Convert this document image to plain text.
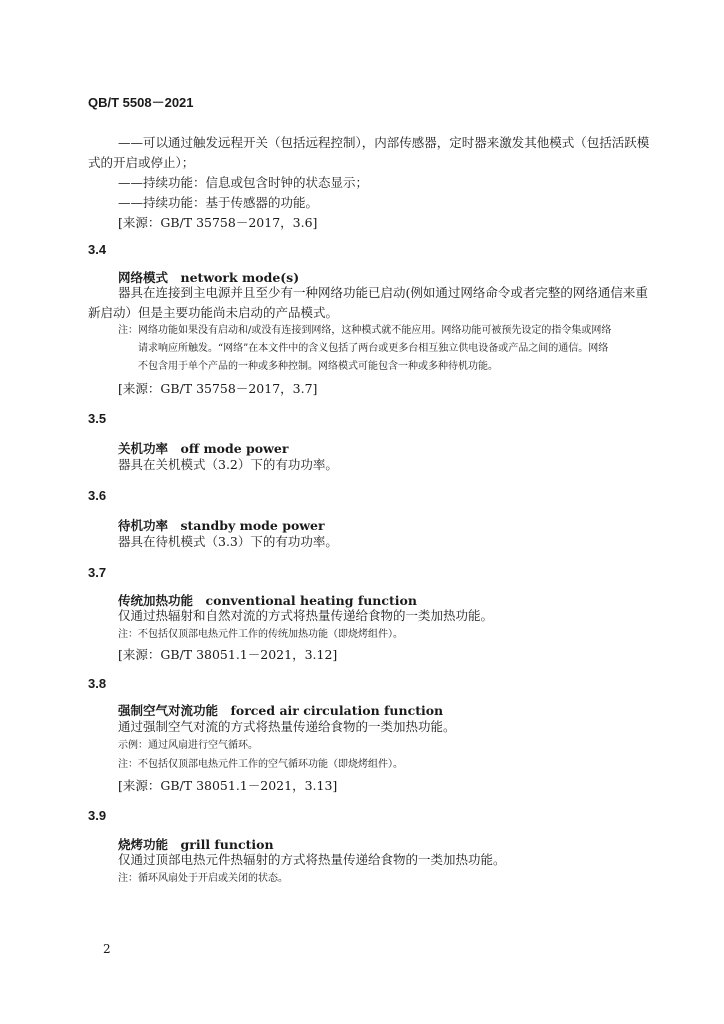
QB/T 5508－2021

——可以通过触发远程开关（包括远程控制），内部传感器，定时器来激发其他模式（包括活跃模

式的开启或停止）；

——持续功能：信息或包含时钟的状态显示；

——持续功能：基于传感器的功能。

[来源：GB/T 35758－2017，3.6]

3.4
网络模式　network mode(s)

器具在连接到主电源并且至少有一种网络功能已启动(例如通过网络命令或者完整的网络通信来重

新启动）但是主要功能尚未启动的产品模式。

注：网络功能如果没有启动和/或没有连接到网络，这种模式就不能应用。网络功能可被预先设定的指令集或网络

请求响应所触发。“网络”在本文件中的含义包括了两台或更多台相互独立供电设备或产品之间的通信。网络

不包含用于单个产品的一种或多种控制。网络模式可能包含一种或多种待机功能。

[来源：GB/T 35758－2017，3.7]

3.5
关机功率　off mode power

器具在关机模式（3.2）下的有功功率。

3.6
待机功率　standby mode power

器具在待机模式（3.3）下的有功功率。

3.7
传统加热功能　conventional heating function

仅通过热辐射和自然对流的方式将热量传递给食物的一类加热功能。

注：不包括仅顶部电热元件工作的传统加热功能（即烧烤组件）。

[来源：GB/T 38051.1－2021，3.12]

3.8
强制空气对流功能　forced air circulation function

通过强制空气对流的方式将热量传递给食物的一类加热功能。

示例：通过风扇进行空气循环。

注：不包括仅顶部电热元件工作的空气循环功能（即烧烤组件）。

[来源：GB/T 38051.1－2021，3.13]

3.9
烧烤功能　grill function

仅通过顶部电热元件热辐射的方式将热量传递给食物的一类加热功能。

注：循环风扇处于开启或关闭的状态。

2
